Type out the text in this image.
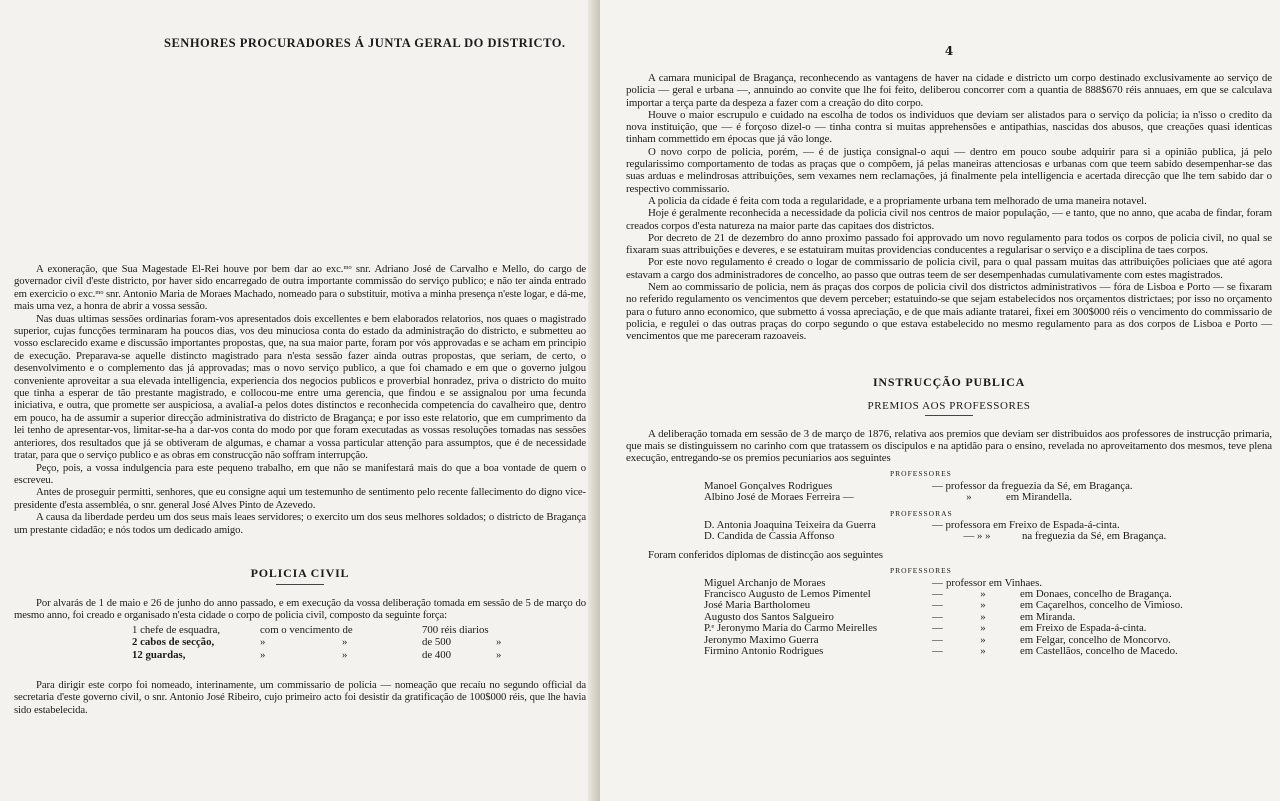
SENHORES PROCURADORES Á JUNTA GERAL DO DISTRICTO.

A exoneração, que Sua Magestade El-Rei houve por bem dar ao exc.ᵐᵒ snr. Adriano José de Carvalho e Mello, do cargo de governador civil d'este districto, por haver sido encarregado de outra importante commissão do serviço publico; e não ter ainda entrado em exercicio o exc.ᵐᵒ snr. Antonio Maria de Moraes Machado, nomeado para o substituir, motiva a minha presença n'este logar, e dá-me, mais uma vez, a honra de abrir a vossa sessão.

Nas duas ultimas sessões ordinarias foram-vos apresentados dois excellentes e bem elaborados relatorios, nos quaes o magistrado superior, cujas funcções terminaram ha poucos dias, vos deu minuciosa conta do estado da administração do districto, e submetteu ao vosso esclarecido exame e discussão importantes propostas, que, na sua maior parte, foram por vós approvadas e se acham em principio de execução. Preparava-se aquelle distincto magistrado para n'esta sessão fazer ainda outras propostas, que seriam, de certo, o desenvolvimento e o complemento das já approvadas; mas o novo serviço publico, a que foi chamado e em que o governo julgou conveniente aproveitar a sua elevada intelligencia, experiencia dos negocios publicos e proverbial honradez, priva o districto do muito que tinha a esperar de tão prestante magistrado, e collocou-me entre uma gerencia, que findou e se assignalou por uma fecunda iniciativa, e outra, que promette ser auspiciosa, a avaliaI-a pelos dotes distinctos e reconhecida competencia do cavalheiro que, dentro em pouco, ha de assumir a superior direcção administrativa do districto de Bragança; e por isso este relatorio, que em cumprimento da lei tenho de apresentar-vos, limitar-se-ha a dar-vos conta do modo por que foram executadas as vossas resoluções tomadas nas sessões anteriores, dos resultados que já se obtiveram de algumas, e chamar a vossa particular attenção para assumptos, que é de necessidade tratar, para que o serviço publico e as obras em construcção não soffram interrupção.

Peço, pois, a vossa indulgencia para este pequeno trabalho, em que não se manifestará mais do que a boa vontade de quem o escreveu.

Antes de proseguir permitti, senhores, que eu consigne aqui um testemunho de sentimento pelo recente fallecimento do digno vice-presidente d'esta assembléa, o snr. general José Alves Pinto de Azevedo.

A causa da liberdade perdeu um dos seus mais leaes servidores; o exercito um dos seus melhores soldados; o districto de Bragança um prestante cidadão; e nós todos um dedicado amigo.

POLICIA CIVIL

Por alvarás de 1 de maio e 26 de junho do anno passado, e em execução da vossa deliberação tomada em sessão de 5 de março do mesmo anno, foi creado e organisado n'esta cidade o corpo de policia civil, composto da seguinte força:

1 chefe de esquadra,	com o vencimento de	700 réis diarios
2 cabos de secção,	»	»	de 500	»
12 guardas,	»	»	de 400	»

Para dirigir este corpo foi nomeado, interinamente, um commissario de policia — nomeação que recaíu no segundo official da secretaria d'este governo civil, o snr. Antonio José Ribeiro, cujo primeiro acto foi desistir da gratificação de 100$000 réis, que lhe havia sido estabelecida.

4

A camara municipal de Bragança, reconhecendo as vantagens de haver na cidade e districto um corpo destinado exclusivamente ao serviço de policia — geral e urbana —, annuindo ao convite que lhe foi feito, deliberou concorrer com a quantia de 888$670 réis annuaes, em que se calculava importar a terça parte da despeza a fazer com a creação do dito corpo.

Houve o maior escrupulo e cuidado na escolha de todos os individuos que deviam ser alistados para o serviço da policia; ia n'isso o credito da nova instituição, que — é forçoso dizel-o — tinha contra si muitas apprehensões e antipathias, nascidas dos abusos, que creações quasi identicas tinham commettido em épocas que já vão longe.

O novo corpo de policia, porém, — é de justiça consignal-o aqui — dentro em pouco soube adquirir para si a opinião publica, já pelo regularissimo comportamento de todas as praças que o compõem, já pelas maneiras attenciosas e urbanas com que teem sabido desempenhar-se das suas arduas e melindrosas attribuições, sem vexames nem reclamações, já finalmente pela intelligencia e acertada direcção que lhe tem sabido dar o respectivo commissario.

A policia da cidade é feita com toda a regularidade, e a propriamente urbana tem melhorado de uma maneira notavel.

Hoje é geralmente reconhecida a necessidade da policia civil nos centros de maior população, — e tanto, que no anno, que acaba de findar, foram creados corpos d'esta natureza na maior parte das capitaes dos districtos.

Por decreto de 21 de dezembro do anno proximo passado foi approvado um novo regulamento para todos os corpos de policia civil, no qual se fixaram suas attribuições e deveres, e se estatuiram muitas providencias conducentes a regularisar o serviço e a disciplina de taes corpos.

Por este novo regulamento é creado o logar de commissario de policia civil, para o qual passam muitas das attribuições policiaes que até agora estavam a cargo dos administradores de concelho, ao passo que outras teem de ser desempenhadas cumulativamente com estes magistrados.

Nem ao commissario de policia, nem ás praças dos corpos de policia civil dos districtos administrativos — fóra de Lisboa e Porto — se fixaram no referido regulamento os vencimentos que devem perceber; estatuindo-se que sejam estabelecidos nos orçamentos districtaes; por isso no orçamento para o futuro anno economico, que submetto á vossa apreciação, e de que mais adiante tratarei, fixei em 300$000 réis o vencimento do commissario de policia, e regulei o das outras praças do corpo segundo o que estava estabelecido no mesmo regulamento para as dos corpos de Lisboa e Porto — vencimentos que me pareceram razoaveis.

INSTRUCÇÃO PUBLICA
PREMIOS AOS PROFESSORES

A deliberação tomada em sessão de 3 de março de 1876, relativa aos premios que deviam ser distribuidos aos professores de instrucção primaria, que mais se distinguissem no carinho com que tratassem os discipulos e na aptidão para o ensino, revelada no aproveitamento dos mesmos, teve plena execução, entregando-se os premios pecuniarios aos seguintes

PROFESSORES
Manoel Gonçalves Rodrigues	— professor da freguezia da Sé, em Bragança.
Albino José de Moraes Ferreira —	»	em Mirandella.
PROFESSORAS
D. Antonia Joaquina Teixeira da Guerra	— professora em Freixo de Espada-á-cinta.
D. Candida de Cassia Affonso	— » »	na freguezia da Sé, em Bragança.

Foram conferidos diplomas de distincção aos seguintes

PROFESSORES
Miguel Archanjo de Moraes	— professor em Vinhaes.
Francisco Augusto de Lemos Pimentel	—	»	em Donaes, concelho de Bragança.
José Maria Bartholomeu	—	»	em Caçarelhos, concelho de Vimioso.
Augusto dos Santos Salgueiro	—	»	em Miranda.
P.ᵉ Jeronymo Maria do Carmo Meirelles	—	»	em Freixo de Espada-á-cinta.
Jeronymo Maximo Guerra	—	»	em Felgar, concelho de Moncorvo.
Firmino Antonio Rodrigues	—	»	em Castellãos, concelho de Macedo.
